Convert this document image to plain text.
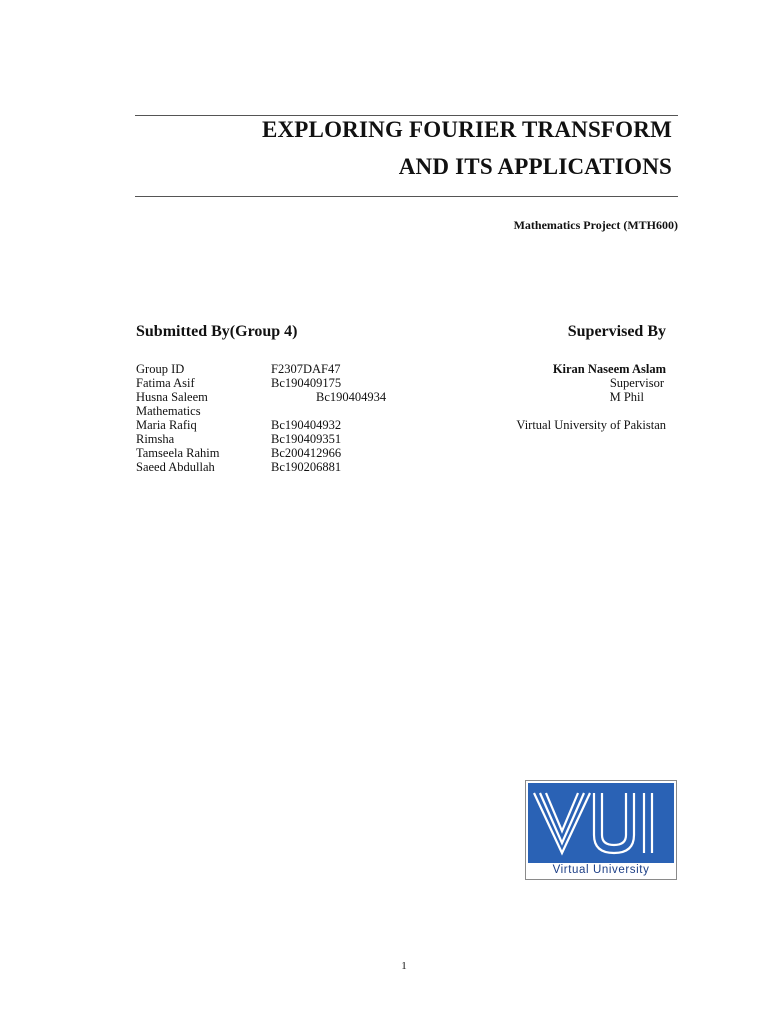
EXPLORING FOURIER TRANSFORM
AND ITS APPLICATIONS
Mathematics Project (MTH600)
Submitted By(Group 4)	Supervised By
Group ID	F2307DAF47
Fatima Asif	Bc190409175
Husna Saleem	Bc190404934
Mathematics
Maria Rafiq	Bc190404932
Rimsha	Bc190409351
Tamseela Rahim	Bc200412966
Saeed Abdullah	Bc190206881
Kiran Naseem Aslam
Supervisor
M Phil
Virtual University of Pakistan
VU
Virtual University
1
